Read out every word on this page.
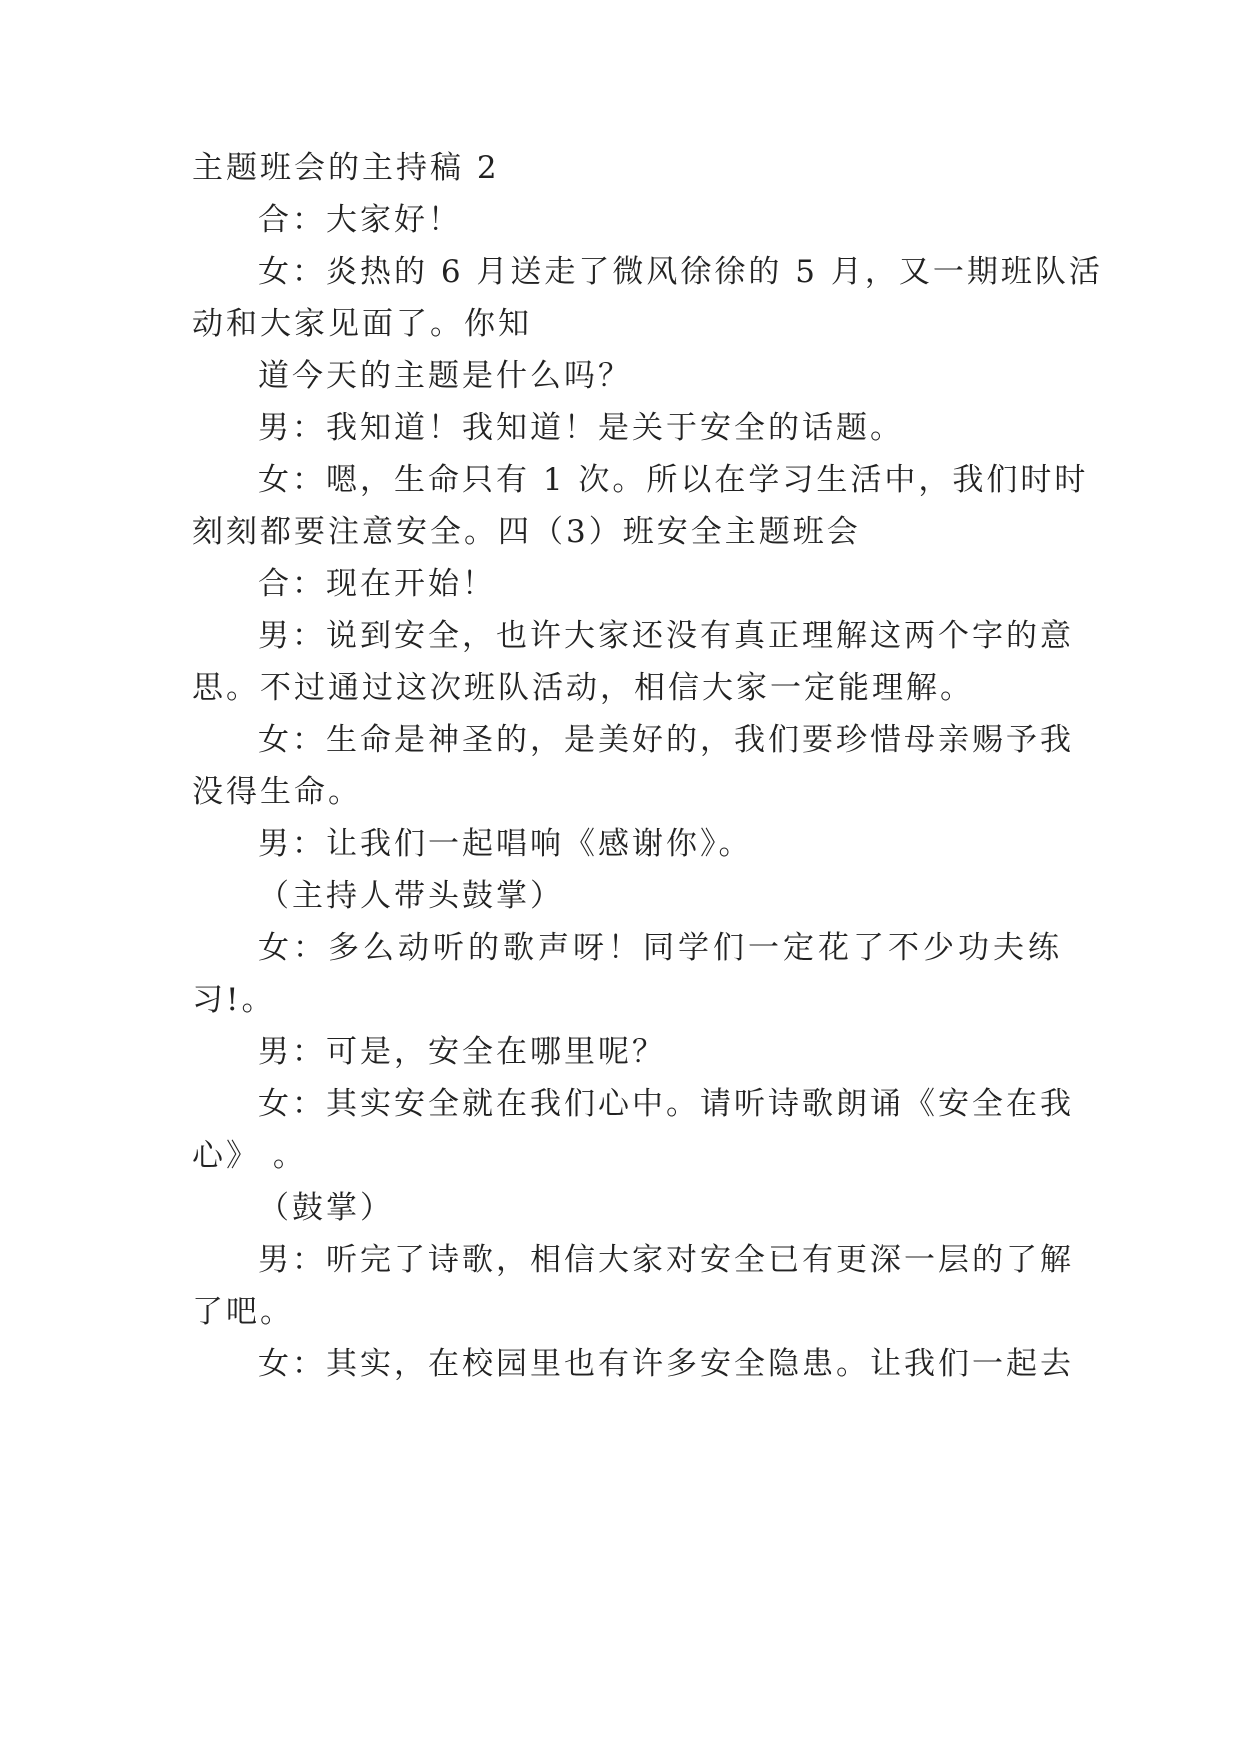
主题班会的主持稿 2
合：大家好！
女：炎热的 6 月送走了微风徐徐的 5 月，又一期班队活
动和大家见面了。你知
道今天的主题是什么吗？
男：我知道！我知道！是关于安全的话题。
女：嗯，生命只有 1 次。所以在学习生活中，我们时时
刻刻都要注意安全。四（3）班安全主题班会
合：现在开始！
男：说到安全，也许大家还没有真正理解这两个字的意
思。不过通过这次班队活动，相信大家一定能理解。
女：生命是神圣的，是美好的，我们要珍惜母亲赐予我
没得生命。
男：让我们一起唱响《感谢你》。
（主持人带头鼓掌）
女：多么动听的歌声呀！同学们一定花了不少功夫练
习!。
男：可是，安全在哪里呢？
女：其实安全就在我们心中。请听诗歌朗诵《安全在我
心》 。
（鼓掌）
男：听完了诗歌，相信大家对安全已有更深一层的了解
了吧。
女：其实，在校园里也有许多安全隐患。让我们一起去
